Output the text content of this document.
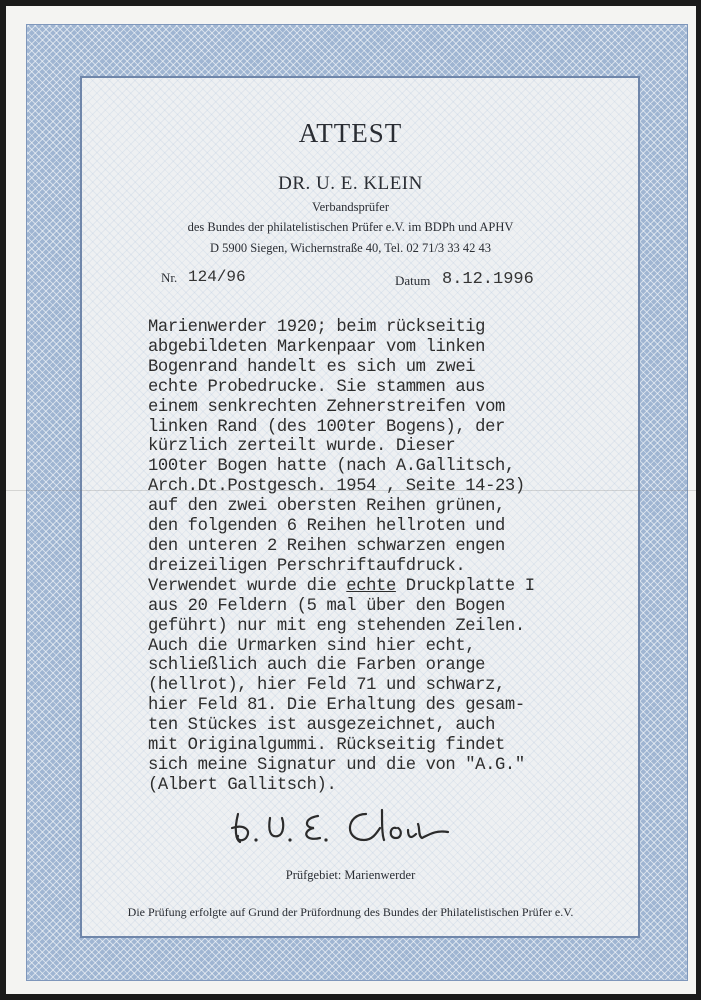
ATTEST
DR. U. E. KLEIN
Verbandsprüfer
des Bundes der philatelistischen Prüfer e.V. im BDPh und APHV
D 5900 Siegen, Wichernstraße 40, Tel. 02 71/3 33 42 43
Nr. 124/96	Datum 8.12.1996
Marienwerder 1920; beim rückseitig
abgebildeten Markenpaar vom linken
Bogenrand handelt es sich um zwei
echte Probedrucke. Sie stammen aus
einem senkrechten Zehnerstreifen vom
linken Rand (des 100ter Bogens), der
kürzlich zerteilt wurde. Dieser
100ter Bogen hatte (nach A.Gallitsch,
Arch.Dt.Postgesch. 1954 , Seite 14-23)
auf den zwei obersten Reihen grünen,
den folgenden 6 Reihen hellroten und
den unteren 2 Reihen schwarzen engen
dreizeiligen Perschriftaufdruck.
Verwendet wurde die echte Druckplatte I
aus 20 Feldern (5 mal über den Bogen
geführt) nur mit eng stehenden Zeilen.
Auch die Urmarken sind hier echt,
schließlich auch die Farben orange
(hellrot), hier Feld 71 und schwarz,
hier Feld 81. Die Erhaltung des gesam-
ten Stückes ist ausgezeichnet, auch
mit Originalgummi. Rückseitig findet
sich meine Signatur und die von "A.G."
(Albert Gallitsch).
Prüfgebiet: Marienwerder
Die Prüfung erfolgte auf Grund der Prüfordnung des Bundes der Philatelistischen Prüfer e.V.
